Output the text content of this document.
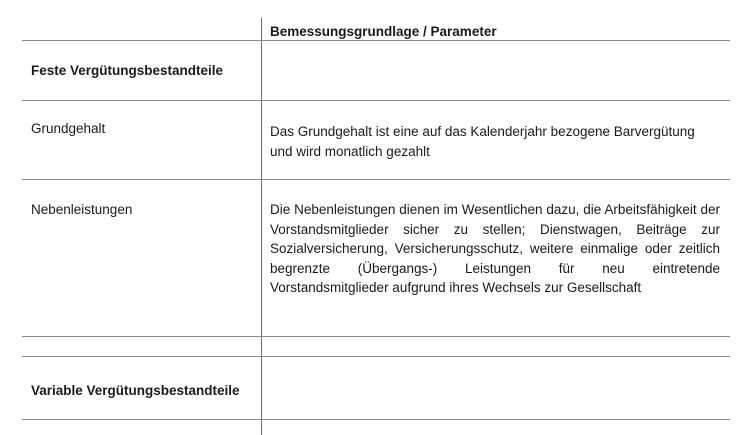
Bemessungsgrundlage / Parameter
Feste Vergütungsbestandteile
Grundgehalt	Das Grundgehalt ist eine auf das Kalenderjahr bezogene Barvergütung
und wird monatlich gezahlt
Nebenleistungen	Die Nebenleistungen dienen im Wesentlichen dazu, die Arbeitsfähigkeit der Vorstandsmitglieder sicher zu stellen; Dienstwagen, Beiträge zur Sozialversicherung, Versicherungsschutz, weitere einmalige oder zeitlich begrenzte (Übergangs-) Leistungen für neu eintretende Vorstandsmitglieder aufgrund ihres Wechsels zur Gesellschaft
Variable Vergütungsbestandteile
